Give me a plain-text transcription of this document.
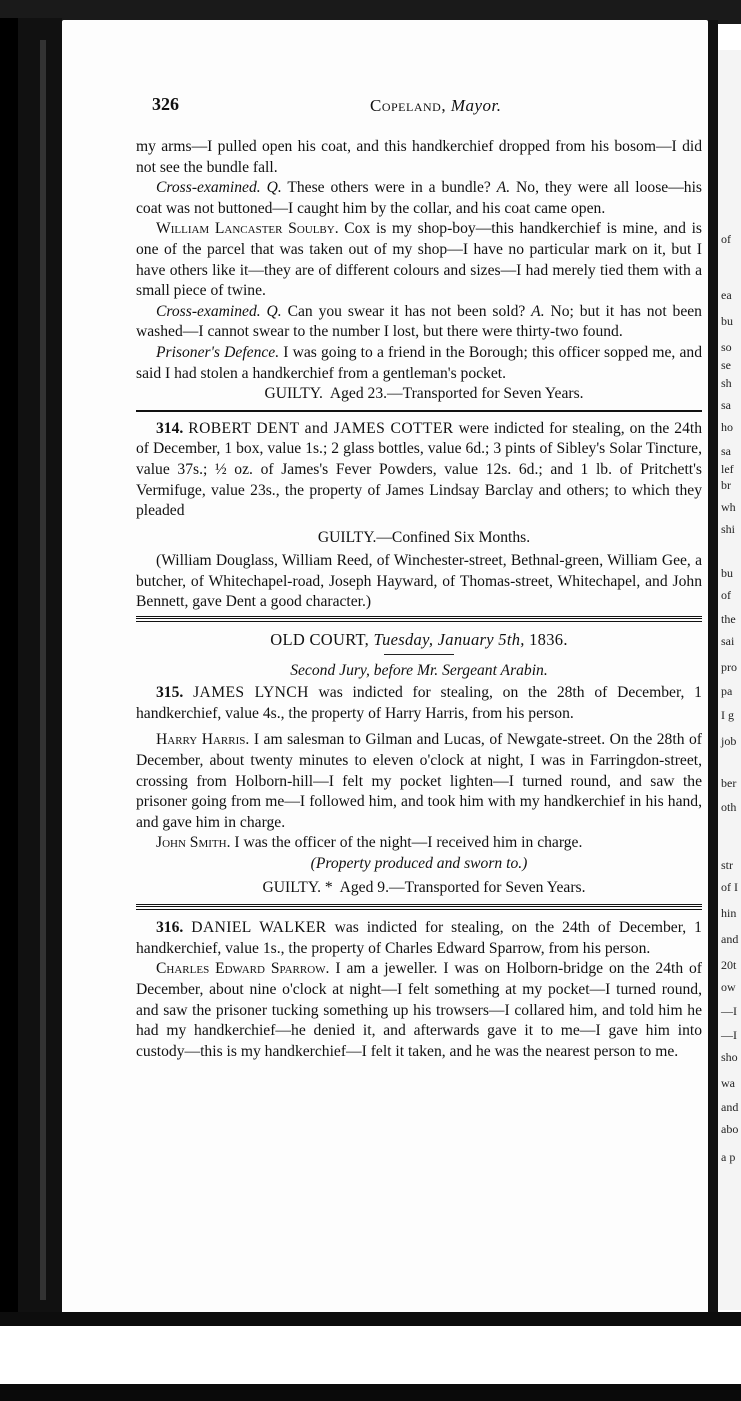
of
ea
bu
so
se
sh
sa
ho
sa
lef
br
wh
shi
bu
of
the
sai
pro
pa
I g
job
ber
oth
str
of I
hin
and
20t
ow
—I
—I
sho
wa
and
abo
a p
326	Copeland, Mayor.

my arms—I pulled open his coat, and this handkerchief dropped from his bosom—I did not see the bundle fall.

Cross-examined. Q. These others were in a bundle? A. No, they were all loose—his coat was not buttoned—I caught him by the collar, and his coat came open.

William Lancaster Soulby. Cox is my shop-boy—this handkerchief is mine, and is one of the parcel that was taken out of my shop—I have no particular mark on it, but I have others like it—they are of different colours and sizes—I had merely tied them with a small piece of twine.

Cross-examined. Q. Can you swear it has not been sold? A. No; but it has not been washed—I cannot swear to the number I lost, but there were thirty-two found.

Prisoner's Defence. I was going to a friend in the Borough; this officer sopped me, and said I had stolen a handkerchief from a gentleman's pocket.

GUILTY. Aged 23.—Transported for Seven Years.

314. ROBERT DENT and JAMES COTTER were indicted for stealing, on the 24th of December, 1 box, value 1s.; 2 glass bottles, value 6d.; 3 pints of Sibley's Solar Tincture, value 37s.; ½ oz. of James's Fever Powders, value 12s. 6d.; and 1 lb. of Pritchett's Vermifuge, value 23s., the property of James Lindsay Barclay and others; to which they pleaded

GUILTY.—Confined Six Months.

(William Douglass, William Reed, of Winchester-street, Bethnal-green, William Gee, a butcher, of Whitechapel-road, Joseph Hayward, of Thomas-street, Whitechapel, and John Bennett, gave Dent a good character.)

OLD COURT, Tuesday, January 5th, 1836.

Second Jury, before Mr. Sergeant Arabin.

315. JAMES LYNCH was indicted for stealing, on the 28th of December, 1 handkerchief, value 4s., the property of Harry Harris, from his person.

Harry Harris. I am salesman to Gilman and Lucas, of Newgate-street. On the 28th of December, about twenty minutes to eleven o'clock at night, I was in Farringdon-street, crossing from Holborn-hill—I felt my pocket lighten—I turned round, and saw the prisoner going from me—I followed him, and took him with my handkerchief in his hand, and gave him in charge.

John Smith. I was the officer of the night—I received him in charge.

(Property produced and sworn to.)

GUILTY. * Aged 9.—Transported for Seven Years.

316. DANIEL WALKER was indicted for stealing, on the 24th of December, 1 handkerchief, value 1s., the property of Charles Edward Sparrow, from his person.

Charles Edward Sparrow. I am a jeweller. I was on Holborn-bridge on the 24th of December, about nine o'clock at night—I felt something at my pocket—I turned round, and saw the prisoner tucking something up his trowsers—I collared him, and told him he had my handkerchief—he denied it, and afterwards gave it to me—I gave him into custody—this is my handkerchief—I felt it taken, and he was the nearest person to me.
